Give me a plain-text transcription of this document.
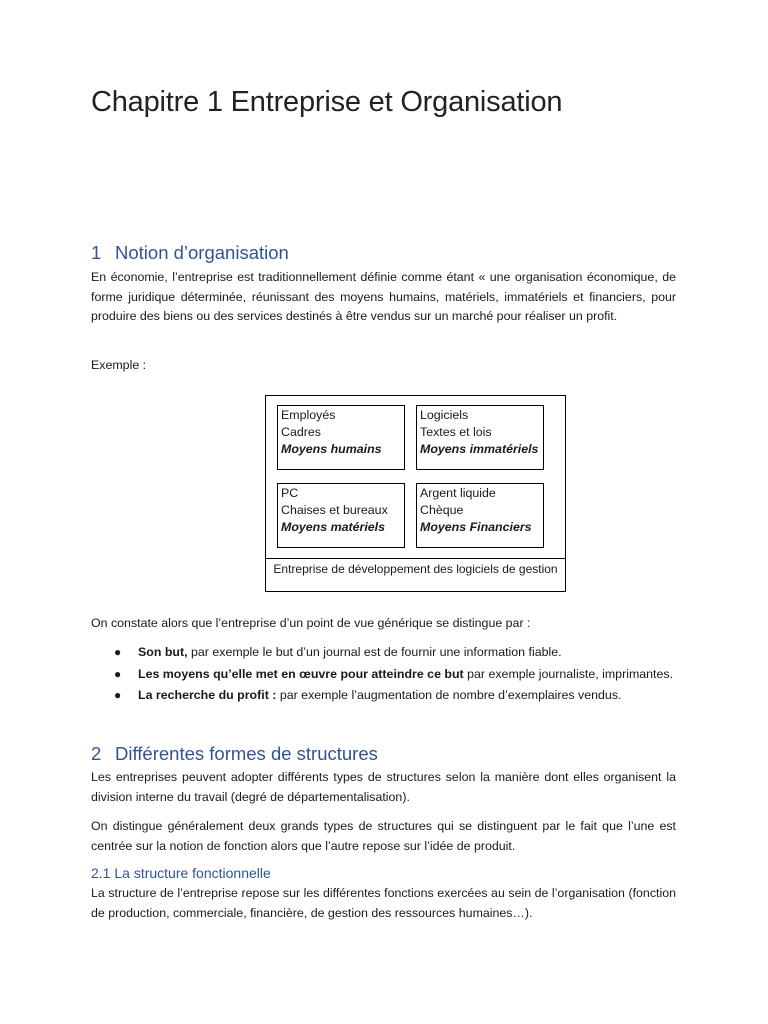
Chapitre 1 Entreprise et Organisation
1 Notion d’organisation
En économie, l’entreprise est traditionnellement définie comme étant « une organisation économique, de forme juridique déterminée, réunissant des moyens humains, matériels, immatériels et financiers, pour produire des biens ou des services destinés à être vendus sur un marché pour réaliser un profit.
Exemple :
Employés
Cadres
Moyens humains
Logiciels
Textes et lois
Moyens immatériels
PC
Chaises et bureaux
Moyens matériels
Argent liquide
Chèque
Moyens Financiers
Entreprise de développement des logiciels de gestion
On constate alors que l’entreprise d’un point de vue générique se distingue par :
● Son but, par exemple le but d’un journal est de fournir une information fiable.
● Les moyens qu’elle met en œuvre pour atteindre ce but par exemple journaliste, imprimantes.
● La recherche du profit : par exemple l’augmentation de nombre d’exemplaires vendus.
2 Différentes formes de structures
Les entreprises peuvent adopter différents types de structures selon la manière dont elles organisent la division interne du travail (degré de départementalisation).
On distingue généralement deux grands types de structures qui se distinguent par le fait que l’une est centrée sur la notion de fonction alors que l’autre repose sur l’idée de produit.
2.1 La structure fonctionnelle
La structure de l’entreprise repose sur les différentes fonctions exercées au sein de l’organisation (fonction de production, commerciale, financière, de gestion des ressources humaines…).
